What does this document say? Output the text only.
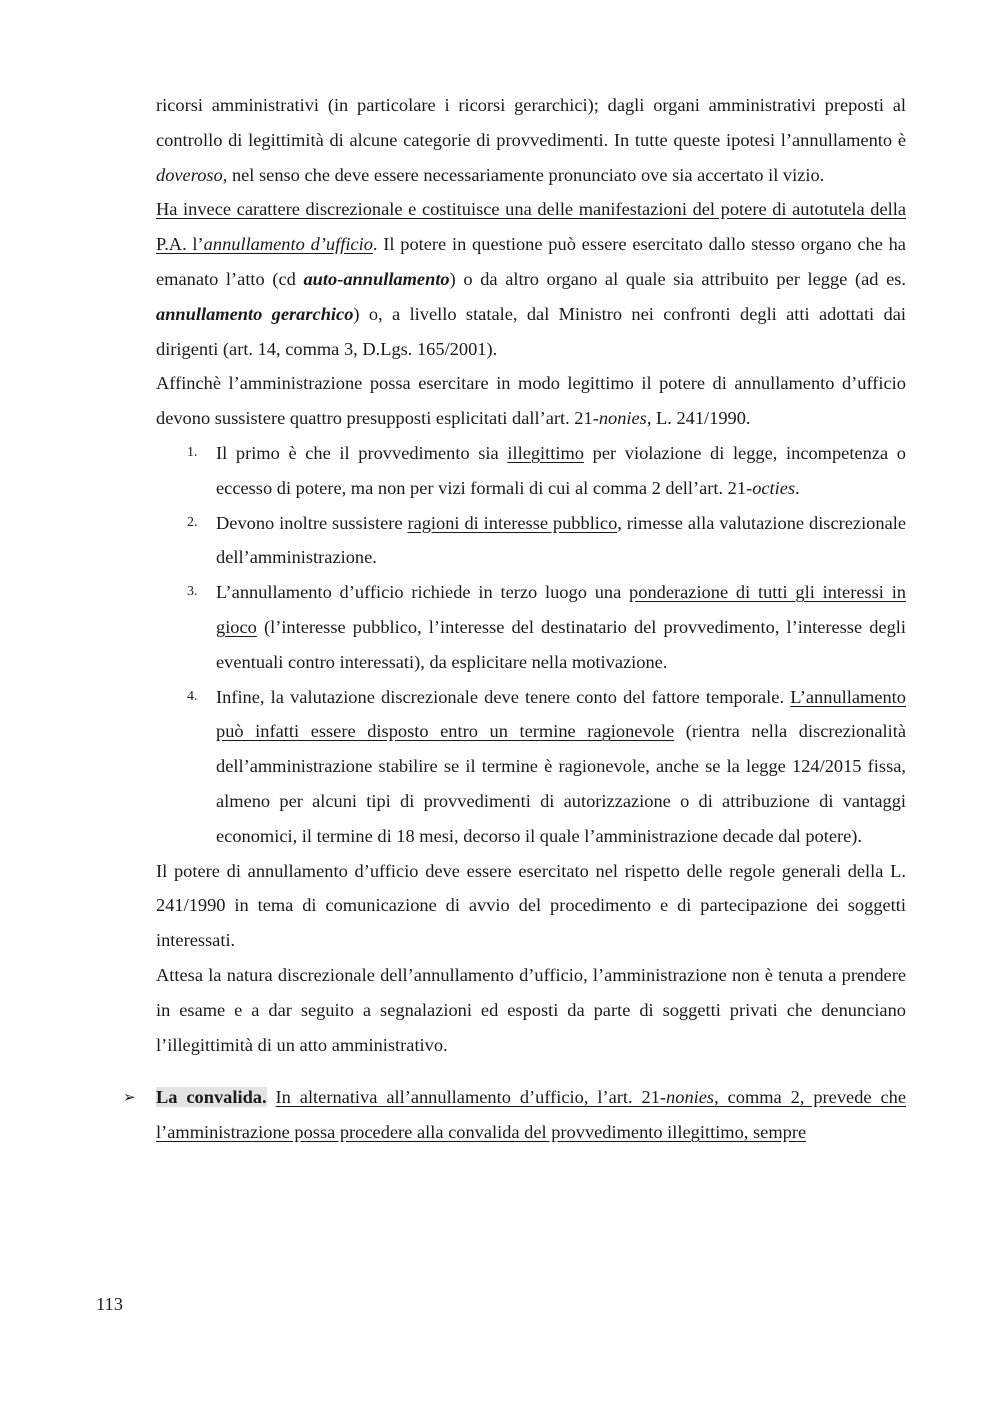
ricorsi amministrativi (in particolare i ricorsi gerarchici); dagli organi amministrativi preposti al controllo di legittimità di alcune categorie di provvedimenti. In tutte queste ipotesi l’annullamento è doveroso, nel senso che deve essere necessariamente pronunciato ove sia accertato il vizio.

Ha invece carattere discrezionale e costituisce una delle manifestazioni del potere di autotutela della P.A. l’annullamento d’ufficio. Il potere in questione può essere esercitato dallo stesso organo che ha emanato l’atto (cd auto-annullamento) o da altro organo al quale sia attribuito per legge (ad es. annullamento gerarchico) o, a livello statale, dal Ministro nei confronti degli atti adottati dai dirigenti (art. 14, comma 3, D.Lgs. 165/2001).

Affinchè l’amministrazione possa esercitare in modo legittimo il potere di annullamento d’ufficio devono sussistere quattro presupposti esplicitati dall’art. 21-nonies, L. 241/1990.

1. Il primo è che il provvedimento sia illegittimo per violazione di legge, incompetenza o eccesso di potere, ma non per vizi formali di cui al comma 2 dell’art. 21-octies.
2. Devono inoltre sussistere ragioni di interesse pubblico, rimesse alla valutazione discrezionale dell’amministrazione.
3. L’annullamento d’ufficio richiede in terzo luogo una ponderazione di tutti gli interessi in gioco (l’interesse pubblico, l’interesse del destinatario del provvedimento, l’interesse degli eventuali contro interessati), da esplicitare nella motivazione.
4. Infine, la valutazione discrezionale deve tenere conto del fattore temporale. L’annullamento può infatti essere disposto entro un termine ragionevole (rientra nella discrezionalità dell’amministrazione stabilire se il termine è ragionevole, anche se la legge 124/2015 fissa, almeno per alcuni tipi di provvedimenti di autorizzazione o di attribuzione di vantaggi economici, il termine di 18 mesi, decorso il quale l’amministrazione decade dal potere).

Il potere di annullamento d’ufficio deve essere esercitato nel rispetto delle regole generali della L. 241/1990 in tema di comunicazione di avvio del procedimento e di partecipazione dei soggetti interessati.

Attesa la natura discrezionale dell’annullamento d’ufficio, l’amministrazione non è tenuta a prendere in esame e a dar seguito a segnalazioni ed esposti da parte di soggetti privati che denunciano l’illegittimità di un atto amministrativo.

➢ La convalida. In alternativa all’annullamento d’ufficio, l’art. 21-nonies, comma 2, prevede che l’amministrazione possa procedere alla convalida del provvedimento illegittimo, sempre

113
